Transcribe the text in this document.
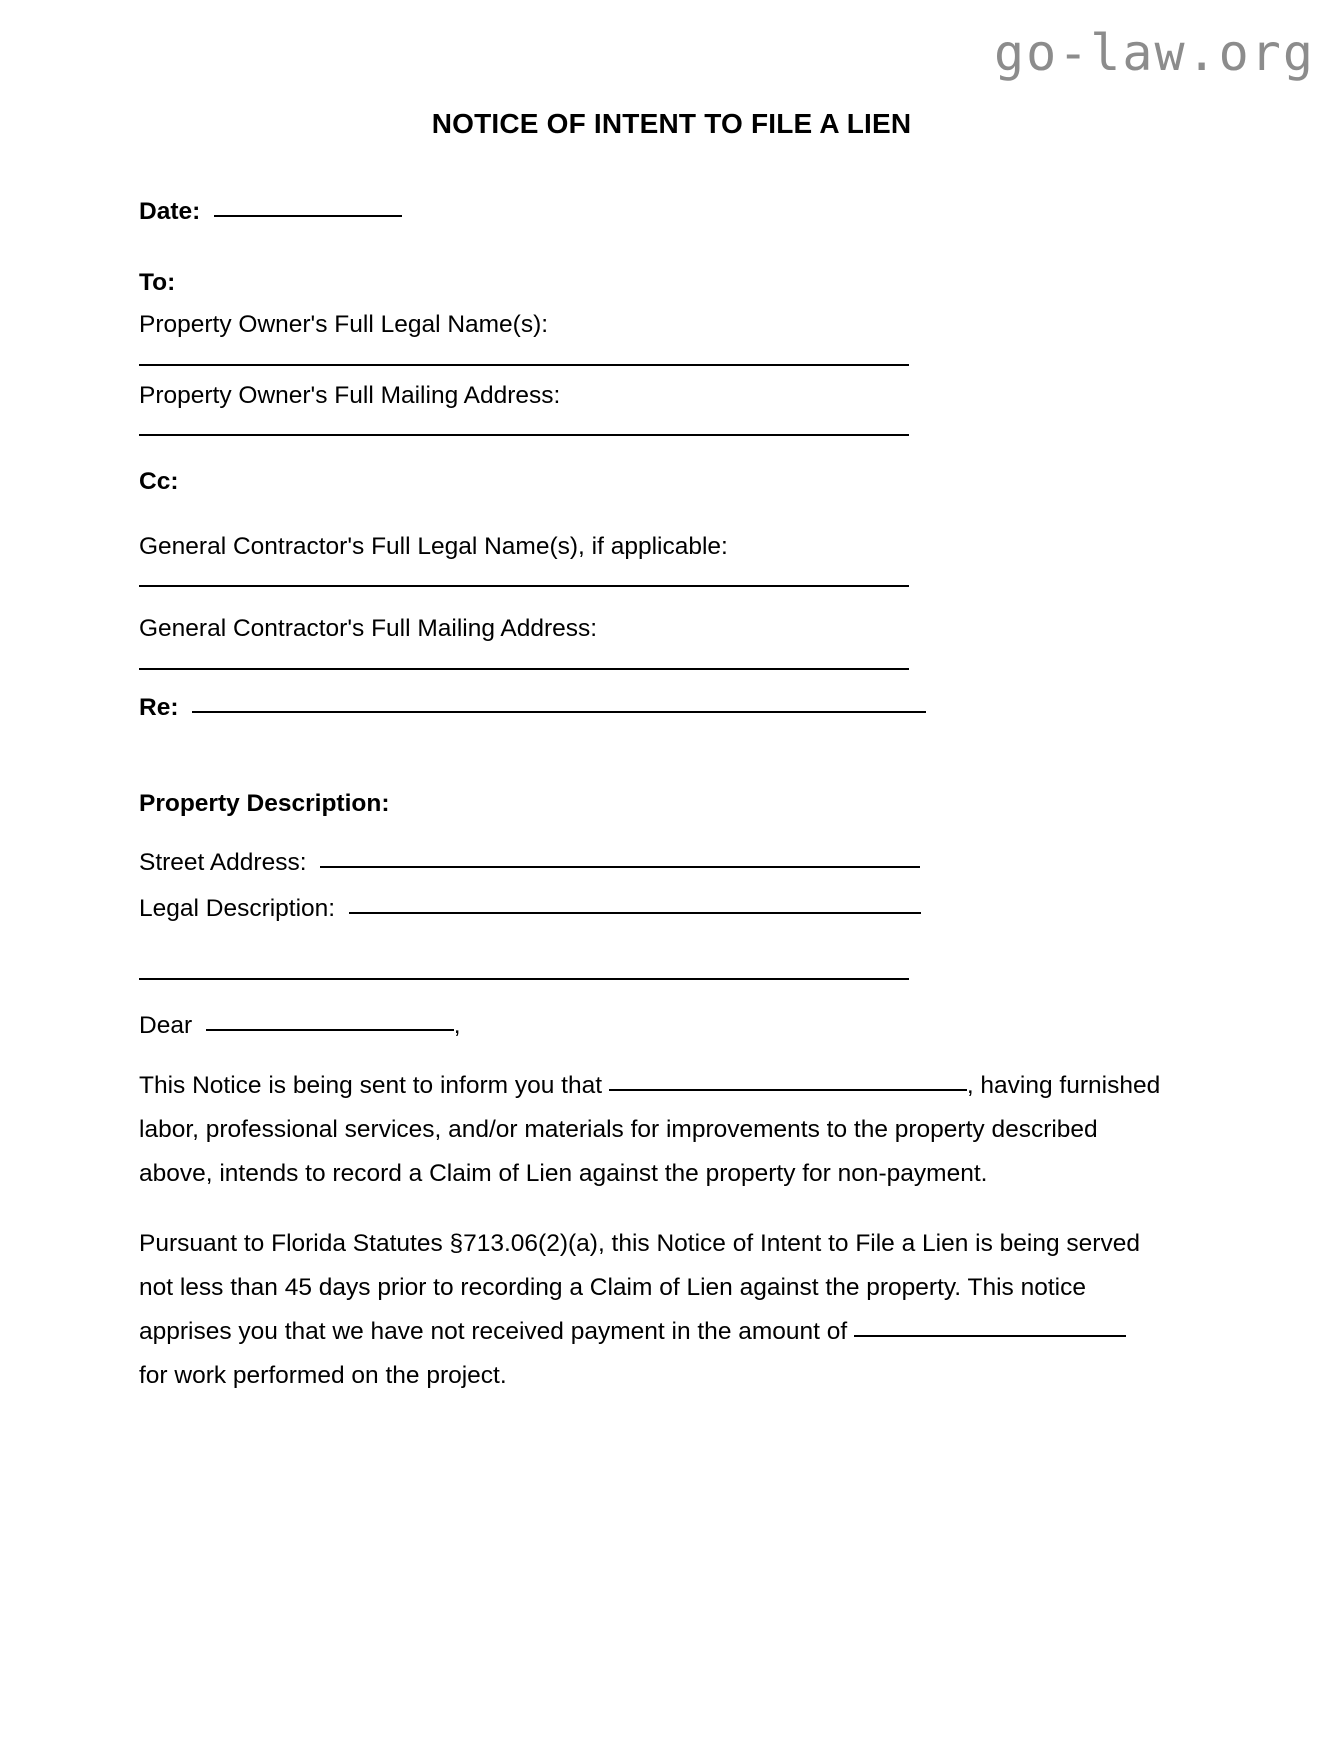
go-law.org
NOTICE OF INTENT TO FILE A LIEN
Date:
To:
Property Owner's Full Legal Name(s):
Property Owner's Full Mailing Address:
Cc:
General Contractor's Full Legal Name(s), if applicable:
General Contractor's Full Mailing Address:
Re:
Property Description:
Street Address:
Legal Description:
Dear	,
This Notice is being sent to inform you that	, having furnished
labor, professional services, and/or materials for improvements to the property described
above, intends to record a Claim of Lien against the property for non-payment.
Pursuant to Florida Statutes §713.06(2)(a), this Notice of Intent to File a Lien is being served
not less than 45 days prior to recording a Claim of Lien against the property. This notice
apprises you that we have not received payment in the amount of
for work performed on the project.
